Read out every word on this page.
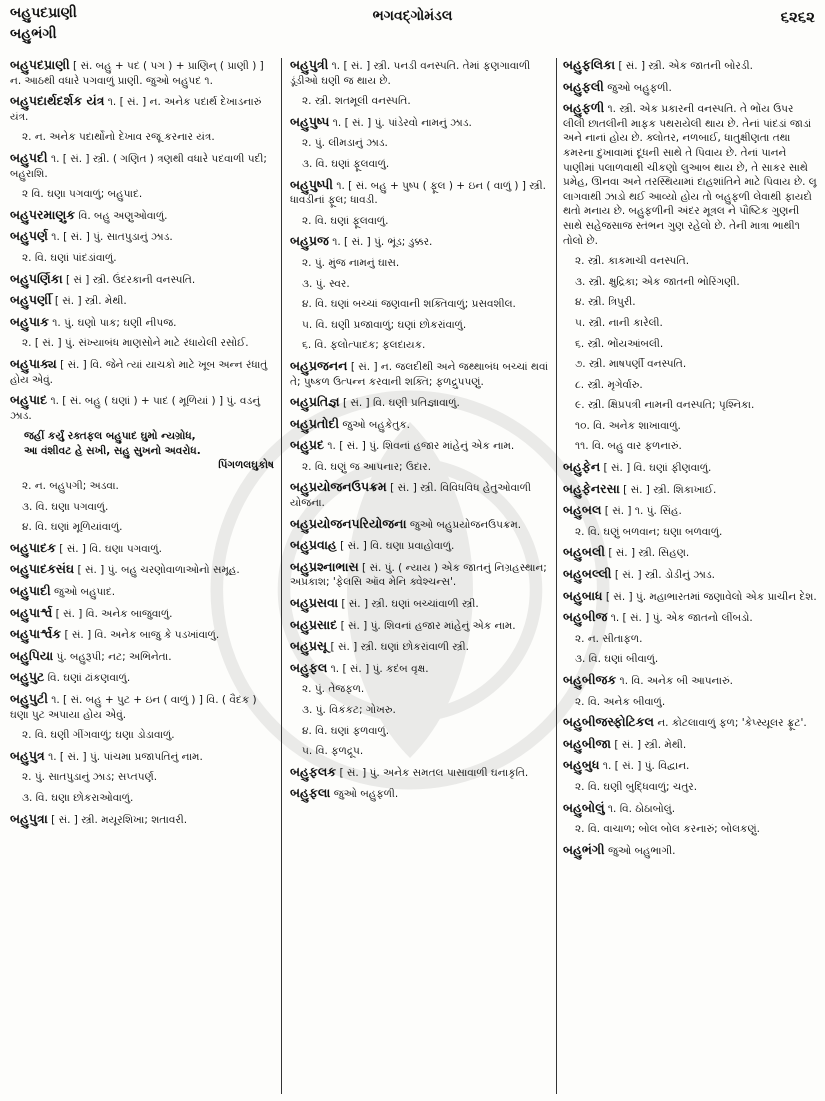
બહુપદપ્રાણી
બહુભંગી
ભગવદ્ગોમંડલ	૬૨૬૨
બહુપદપ્રાણી [ સં. બહુ + પદ ( પગ ) + પ્રાણિન્ ( પ્રાણી ) ] ન. આઠથી વધારે પગવાળું પ્રાણી. જુઓ બહુપદ ૧.
બહુપદાર્થદર્શક યંત્ર ૧. [ સં. ] ન. અનેક પદાર્થ દેખાડનારું યંત્ર.
૨. ન. અનેક પદાર્થોનો દેખાવ રજૂ કરનાર યંત્ર.
બહુપદી ૧. [ સં. ] સ્ત્રી. ( ગણિત ) ત્રણથી વધારે પદવાળી પદી; બહુરાશિ.
૨ વિ. ઘણા પગવાળું; બહુપાદ.
બહુપરમાણુક વિ. બહુ અણુઓવાળું.
બહુપર્ણ ૧. [ સં. ] પું. સાતપુડાનું ઝાડ.
૨. વિ. ઘણાં પાંદડાંવાળું.
બહુપર્ણિકા [ સં ] સ્ત્રી. ઉંદરકાની વનસ્પતિ.
બહુપર્ણી [ સં. ] સ્ત્રી. મેથી.
બહુપાક ૧. પું. ઘણો પાક; ઘણી નીપજ.
૨. [ સં. ] પું. સંખ્યાબંધ માણસોને માટે રંધાયેલી રસોઈ.
બહુપાક્ય [ સં. ] વિ. જેને ત્યાં યાચકો માટે ખૂબ અન્ન રંધાતું હોય એવું.
બહુપાદ ૧. [ સં. બહુ ( ઘણાં ) + પાદ ( મૂળિયાં ) ] પું. વડનું ઝાડ.
જહીં કર્યું રક્તફલ બહુપાદ ઘુમો ન્યગ્રોધ,
આ વંશીવટ હે સખી, સહુ સુખનો અવરોધ.
પિંગળલઘુકોષ
૨. ન. બહુપગી; અડવા.
૩. વિ. ઘણા પગવાળું.
૪. વિ. ઘણાં મૂળિયાંવાળું.
બહુપાદક [ સં. ] વિ. ઘણા પગવાળું.
બહુપાદકસંઘ [ સં. ] પું. બહુ ચરણોવાળાઓનો સમૂહ.
બહુપાદી જુઓ બહુપાદ.
બહુપાર્શ્વ [ સં. ] વિ. અનેક બાજુવાળું.
બહુપાર્શ્વક [ સં. ] વિ. અનેક બાજુ કે પડખાંવાળું.
બહુપિયા પું. બહુરૂપી; નટ; અભિનેતા.
બહુપુટ વિ. ઘણાં ઢાંકણવાળું.
બહુપુટી ૧. [ સં. બહુ + પુટ + ઇન ( વાળું ) ] વિ. ( વૈદક ) ઘણા પુટ અપાયા હોય એવું.
૨. વિ. ઘણી ગીંગવાળું; ઘણા ડોડાવાળું.
બહુપુત્ર ૧. [ સં. ] પું. પાંચમા પ્રજાપતિનું નામ.
૨. પું. સાતપુડાનું ઝાડ; સપ્તપર્ણ.
૩. વિ. ઘણા છોકરાઓવાળું.
બહુપુત્રા [ સં. ] સ્ત્રી. મયૂરશિખા; શતાવરી.
બહુપુત્રી ૧. [ સં. ] સ્ત્રી. પનડી વનસ્પતિ. તેમાં ફણગાવાળી ડૂંડીઓ ઘણી જ થાય છે.
૨. સ્ત્રી. શતમૂલી વનસ્પતિ.
બહુપુષ્પ ૧. [ સં. ] પું. પાંડેરવો નામનું ઝાડ.
૨. પું. લીમડાનું ઝાડ.
૩. વિ. ઘણાં ફૂલવાળું.
બહુપુષ્પી ૧. [ સં. બહુ + પુષ્પ ( ફૂલ ) + ઇન ( વાળું ) ] સ્ત્રી. ધાવડીનાં ફૂલ; ધાવડી.
૨. વિ. ઘણાં ફૂલવાળું.
બહુપ્રજ ૧. [ સં. ] પું. ભૂંડ; ડુક્કર.
૨. પું. મુંજ નામનું ઘાસ.
૩. પું. સ્વર.
૪. વિ. ઘણાં બચ્ચાં જણવાની શક્તિવાળું; પ્રસવશીલ.
૫. વિ. ઘણી પ્રજાવાળું; ઘણાં છોકરાંવાળું.
૬. વિ. ફલોત્પાદક; ફલદાયક.
બહુપ્રજનન [ સં. ] ન. જલદીથી અને જથ્થાબંધ બચ્ચાં થવાં તે; પુષ્કળ ઉત્પન્ન કરવાની શક્તિ; ફળદ્રુપપણું.
બહુપ્રતિજ્ઞ [ સં. ] વિ. ઘણી પ્રતિજ્ઞાવાળું.
બહુપ્રતોદી જુઓ બહુકેતુક.
બહુપ્રદ ૧. [ સં. ] પું. શિવનાં હજાર માંહેનું એક નામ.
૨. વિ. ઘણું જ આપનાર; ઉદાર.
બહુપ્રયોજનઉપક્રમ [ સં. ] સ્ત્રી. વિવિધવિધ હેતુઓવાળી યોજના.
બહુપ્રયોજનપરિયોજના જુઓ બહુપ્રયોજનઉપક્રમ.
બહુપ્રવાહ [ સં. ] વિ. ઘણા પ્રવાહોવાળું.
બહુપ્રશ્નાભાસ [ સં. પું. ( ન્યાય ) એક જાતનું નિગ્રહસ્થાન; અપ્રકાશ; 'ફેલસિ ઑવ મેનિ ક્વેશ્ચન્સ'.
બહુપ્રસવા [ સં. ] સ્ત્રી. ઘણાં બચ્ચાંવાળી સ્ત્રી.
બહુપ્રસાદ [ સં. ] પું. શિવનાં હજાર માંહેનું એક નામ.
બહુપ્રસૂ [ સં. ] સ્ત્રી. ઘણાં છોકરાંવાળી સ્ત્રી.
બહુફલ ૧. [ સં. ] પું. કદંબ વૃક્ષ.
૨. પું. તેજફળ.
૩. પું. વિકંકટ; ગોખરુ.
૪. વિ. ઘણાં ફળવાળું.
૫. વિ. ફળદ્રૂપ.
બહુફલક [ સં. ] પું. અનેક સમતલ પાસાવાળી ઘનાકૃતિ.
બહુફલા જુઓ બહુફળી.
બહુફલિકા [ સં. ] સ્ત્રી. એક જાતની બોરડી.
બહુફલી જુઓ બહુફળી.
બહુફળી ૧. સ્ત્રી. એક પ્રકારની વનસ્પતિ. તે ભોંય ઉપર લીલી છાતલીની માફક પથરાયેલી થાય છે. તેનાં પાંદડાં જાડાં અને નાનાં હોય છે. ક્લોતર, નળબાઈ, ધાતુક્ષીણતા તથા કમરના દુખાવામાં દૂધની સાથે તે પિવાય છે. તેનાં પાનને પાણીમાં પલાળવાથી ચીકણો લુઆબ થાય છે, તે સાકર સાથે પ્રમેહ, ઊનવા અને તરસ્થિયામાં દાહશાંતિને માટે પિવાય છે. લૂ લાગવાથી ઝાડો થઈ આવ્યો હોય તો બહુફળી લેવાથી ફાયદો થતો મનાય છે. બહુફળીની અંદર મૂત્રલ ને પૌષ્ટિક ગુણની સાથે સહેજસાજ સ્તંભન ગુણ રહેલો છે. તેની માત્રા ભાથી૧ તોલો છે.
૨. સ્ત્રી. કાકમાચી વનસ્પતિ.
૩. સ્ત્રી. ક્ષુદ્રિકા; એક જાતની ભોરિંગણી.
૪. સ્ત્રી. ત્રિપુરી.
૫. સ્ત્રી. નાની કારેલી.
૬. સ્ત્રી. ભોંયઆંબલી.
૭. સ્ત્રી. માષપર્ણી વનસ્પતિ.
૮. સ્ત્રી. મૃગેર્વારુ.
૯. સ્ત્રી. ક્ષિપ્રપત્રી નામની વનસ્પતિ; પૃશ્નિકા.
૧૦. વિ. અનેક શાખાવાળું.
૧૧. વિ. બહુ વાર ફળનારું.
બહુફેન [ સં. ] વિ. ઘણાં ફીણવાળું.
બહુફેનરસા [ સં. ] સ્ત્રી. શિકાખાઈ.
બહુબલ [ સં. ] ૧. પું. સિંહ.
૨. વિ. ઘણું બળવાન; ઘણા બળવાળું.
બહુબલી [ સં. ] સ્ત્રી. સિહણ.
બહુબલ્લી [ સં. ] સ્ત્રી. ડોડીનું ઝાડ.
બહુબાધ [ સં. ] પું. મહાભારતમાં જણાવેલો એક પ્રાચીન દેશ.
બહુબીજ ૧. [ સં. ] પું. એક જાતનો લીંબડો.
૨. ન. સીતાફળ.
૩. વિ. ઘણાં બીવાળું.
બહુબીજક ૧. વિ. અનેક બી આપનારું.
૨. વિ. અનેક બીવાળું.
બહુબીજસ્ફોટિકલ ન. કોટલાવાળું ફળ; 'કેપ્સ્યૂલર ફ્રૂટ'.
બહુબીજા [ સં. ] સ્ત્રી. મેથી.
બહુબુધ ૧. [ સં. ] પું. વિદ્વાન.
૨. વિ. ઘણી બુદ્ધિવાળું; ચતુર.
બહુબોલું ૧. વિ. ઠોઠાબોલું.
૨. વિ. વાચાળ; બોલ બોલ કરનારું; બોલકણું.
બહુભંગી જુઓ બહુભાગી.
